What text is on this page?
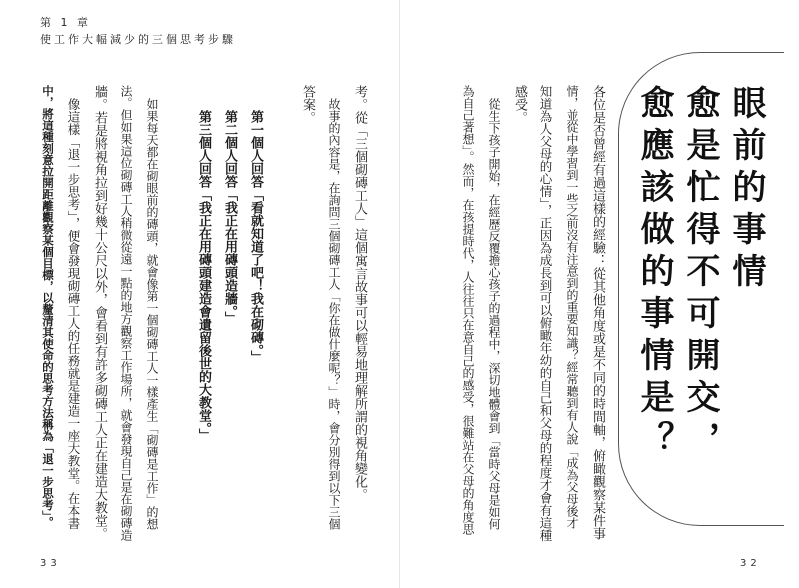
第 1 章
使工作大幅減少的三個思考步驟
眼前的事情
愈是忙得不可開交，
愈應該做的事情是？
各位是否曾經有過這樣的經驗：從其他角度或是不同的時間軸，俯瞰觀察某件事
情，並從中學習到一些之前沒有注意到的重要知識？經常聽到有人說「成為父母後才
知道為人父母的心情」，正因為成長到可以俯瞰年幼的自己和父母的程度才會有這種
感受。
從生下孩子開始，在經歷反覆擔心孩子的過程中，深切地體會到「當時父母是如何
為自己著想」。然而，在孩提時代，人往往只在意自己的感受，很難站在父母的角度思
考。從「三個砌磚工人」這個寓言故事可以輕易地理解所謂的視角變化。
故事的內容是，在詢問三個砌磚工人「你在做什麼呢？」時，會分別得到以下三個
答案。
第一個人回答「看就知道了吧！我在砌磚。」
第二個人回答「我正在用磚頭造牆。」
第三個人回答「我正在用磚頭建造會遺留後世的大教堂。」
如果每天都在砌眼前的磚頭，就會像第一個砌磚工人一樣產生「砌磚是工作」的想
法。但如果這位砌磚工人稍微從遠一點的地方觀察工作場所，就會發現自己是在砌磚造
牆。若是將視角拉到好幾十公尺以外，會看到有許多砌磚工人正在建造大教堂。
像這樣「退一步思考」，便會發現砌磚工人的任務就是建造一座大教堂。在本書
中，將這種刻意拉開距離觀察某個目標，以釐清其使命的思考方法稱為「退一步思考」。
33	32
